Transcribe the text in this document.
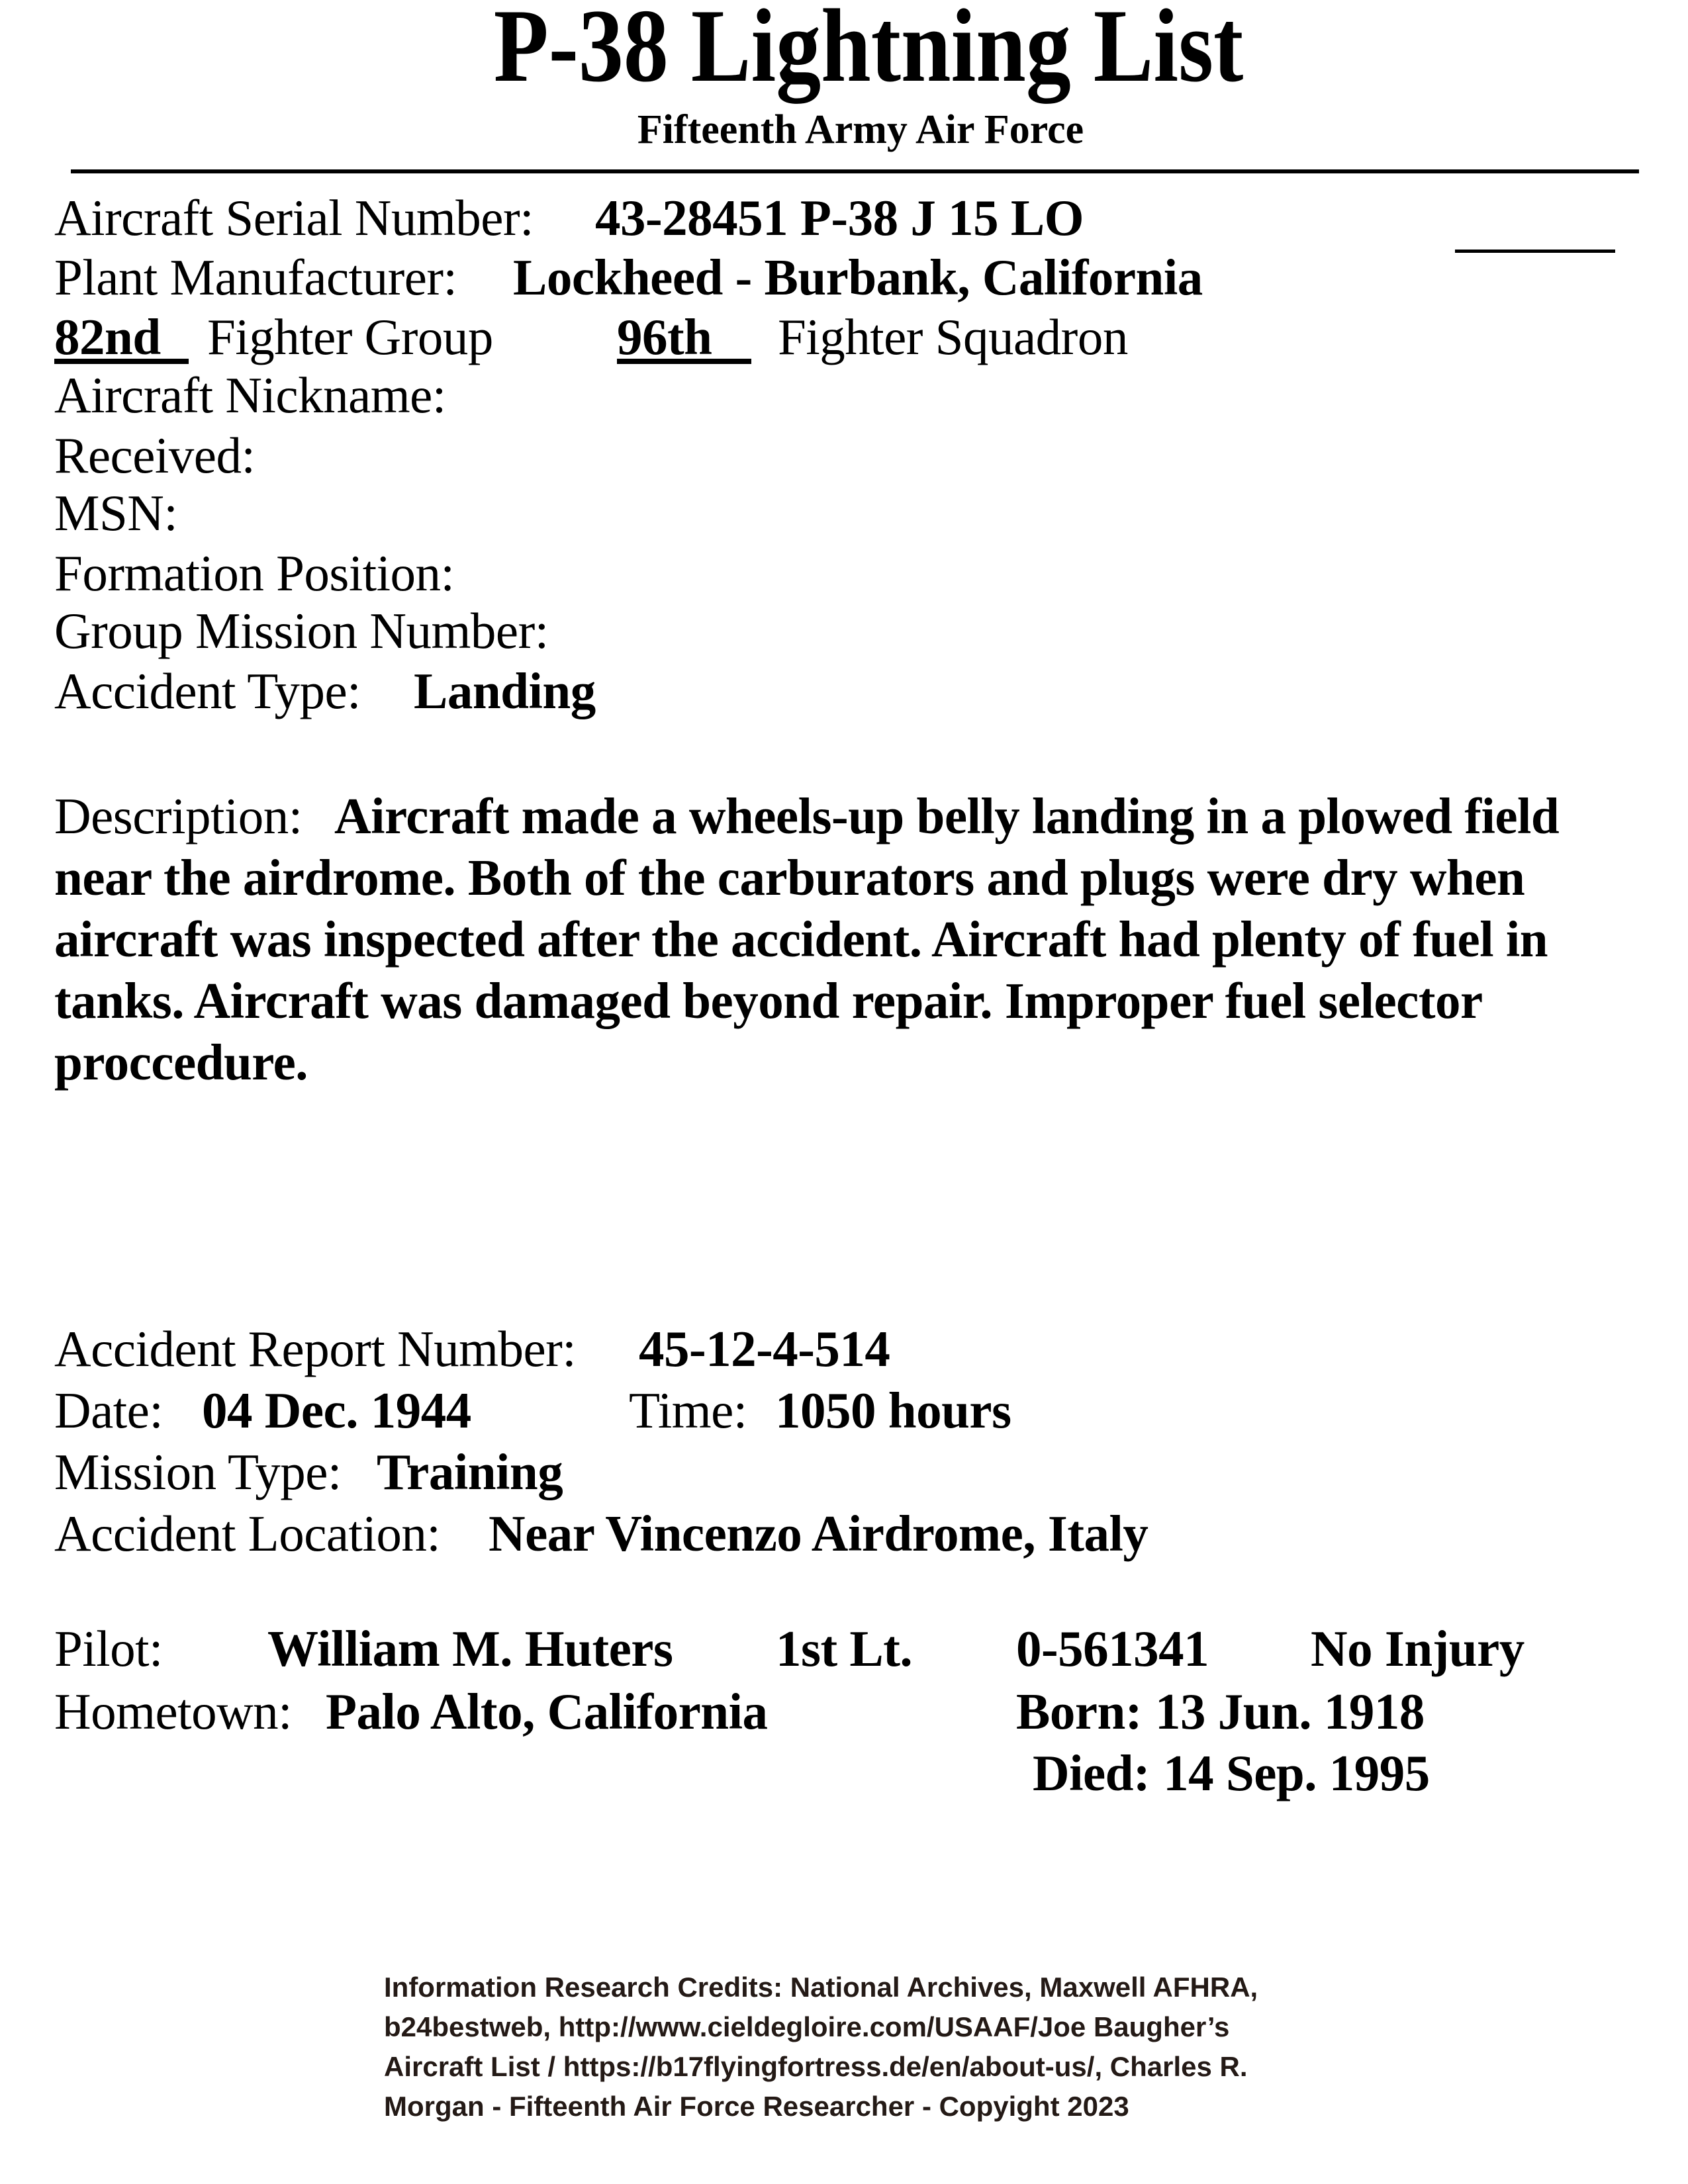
P-38 Lightning List
Fifteenth Army Air Force
Aircraft Serial Number: 43-28451 P-38 J 15 LO
Plant Manufacturer: Lockheed - Burbank, California
82nd Fighter Group 96th Fighter Squadron
Aircraft Nickname:
Received:
MSN:
Formation Position:
Group Mission Number:
Accident Type: Landing
Description: Aircraft made a wheels-up belly landing in a plowed field near the airdrome. Both of the carburators and plugs were dry when aircraft was inspected after the accident. Aircraft had plenty of fuel in tanks. Aircraft was damaged beyond repair. Improper fuel selector proccedure.
Accident Report Number: 45-12-4-514
Date: 04 Dec. 1944	Time: 1050 hours
Mission Type: Training
Accident Location: Near Vincenzo Airdrome, Italy
Pilot: William M. Huters 1st Lt. 0-561341 No Injury
Hometown: Palo Alto, California	Born: 13 Jun. 1918
Died: 14 Sep. 1995
Information Research Credits: National Archives, Maxwell AFHRA,
b24bestweb, http://www.cieldegloire.com/USAAF/Joe Baugher’s
Aircraft List / https://b17flyingfortress.de/en/about-us/, Charles R.
Morgan - Fifteenth Air Force Researcher - Copyight 2023
